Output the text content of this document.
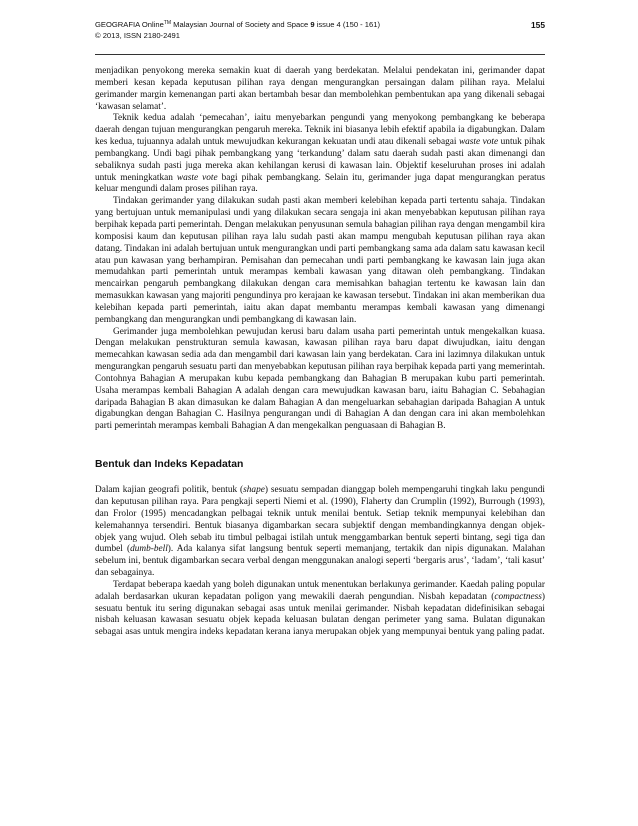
GEOGRAFIA Online™ Malaysian Journal of Society and Space 9 issue 4 (150 - 161)
© 2013, ISSN 2180-2491
155

menjadikan penyokong mereka semakin kuat di daerah yang berdekatan. Melalui pendekatan ini, gerimander dapat memberi kesan kepada keputusan pilihan raya dengan mengurangkan persaingan dalam pilihan raya. Melalui gerimander margin kemenangan parti akan bertambah besar dan membolehkan pembentukan apa yang dikenali sebagai ‘kawasan selamat’.

Teknik kedua adalah ‘pemecahan’, iaitu menyebarkan pengundi yang menyokong pembangkang ke beberapa daerah dengan tujuan mengurangkan pengaruh mereka. Teknik ini biasanya lebih efektif apabila ia digabungkan. Dalam kes kedua, tujuannya adalah untuk mewujudkan kekurangan kekuatan undi atau dikenali sebagai waste vote untuk pihak pembangkang. Undi bagi pihak pembangkang yang ‘terkandung’ dalam satu daerah sudah pasti akan dimenangi dan sebaliknya sudah pasti juga mereka akan kehilangan kerusi di kawasan lain. Objektif keseluruhan proses ini adalah untuk meningkatkan waste vote bagi pihak pembangkang. Selain itu, gerimander juga dapat mengurangkan peratus keluar mengundi dalam proses pilihan raya.

Tindakan gerimander yang dilakukan sudah pasti akan memberi kelebihan kepada parti tertentu sahaja. Tindakan yang bertujuan untuk memanipulasi undi yang dilakukan secara sengaja ini akan menyebabkan keputusan pilihan raya berpihak kepada parti pemerintah. Dengan melakukan penyusunan semula bahagian pilihan raya dengan mengambil kira komposisi kaum dan keputusan pilihan raya lalu sudah pasti akan mampu mengubah keputusan pilihan raya akan datang. Tindakan ini adalah bertujuan untuk mengurangkan undi parti pembangkang sama ada dalam satu kawasan kecil atau pun kawasan yang berhampiran. Pemisahan dan pemecahan undi parti pembangkang ke kawasan lain juga akan memudahkan parti pemerintah untuk merampas kembali kawasan yang ditawan oleh pembangkang. Tindakan mencairkan pengaruh pembangkang dilakukan dengan cara memisahkan bahagian tertentu ke kawasan lain dan memasukkan kawasan yang majoriti pengundinya pro kerajaan ke kawasan tersebut. Tindakan ini akan memberikan dua kelebihan kepada parti pemerintah, iaitu akan dapat membantu merampas kembali kawasan yang dimenangi pembangkang dan mengurangkan undi pembangkang di kawasan lain.

Gerimander juga membolehkan pewujudan kerusi baru dalam usaha parti pemerintah untuk mengekalkan kuasa. Dengan melakukan penstrukturan semula kawasan, kawasan pilihan raya baru dapat diwujudkan, iaitu dengan memecahkan kawasan sedia ada dan mengambil dari kawasan lain yang berdekatan. Cara ini lazimnya dilakukan untuk mengurangkan pengaruh sesuatu parti dan menyebabkan keputusan pilihan raya berpihak kepada parti yang memerintah. Contohnya Bahagian A merupakan kubu kepada pembangkang dan Bahagian B merupakan kubu parti pemerintah. Usaha merampas kembali Bahagian A adalah dengan cara mewujudkan kawasan baru, iaitu Bahagian C. Sebahagian daripada Bahagian B akan dimasukan ke dalam Bahagian A dan mengeluarkan sebahagian daripada Bahagian A untuk digabungkan dengan Bahagian C. Hasilnya pengurangan undi di Bahagian A dan dengan cara ini akan membolehkan parti pemerintah merampas kembali Bahagian A dan mengekalkan penguasaan di Bahagian B.

Bentuk dan Indeks Kepadatan

Dalam kajian geografi politik, bentuk (shape) sesuatu sempadan dianggap boleh mempengaruhi tingkah laku pengundi dan keputusan pilihan raya. Para pengkaji seperti Niemi et al. (1990), Flaherty dan Crumplin (1992), Burrough (1993), dan Frolor (1995) mencadangkan pelbagai teknik untuk menilai bentuk. Setiap teknik mempunyai kelebihan dan kelemahannya tersendiri. Bentuk biasanya digambarkan secara subjektif dengan membandingkannya dengan objek-objek yang wujud. Oleh sebab itu timbul pelbagai istilah untuk menggambarkan bentuk seperti bintang, segi tiga dan dumbel (dumb-bell). Ada kalanya sifat langsung bentuk seperti memanjang, tertakik dan nipis digunakan. Malahan sebelum ini, bentuk digambarkan secara verbal dengan menggunakan analogi seperti ‘bergaris arus’, ‘ladam’, ‘tali kasut’ dan sebagainya.

Terdapat beberapa kaedah yang boleh digunakan untuk menentukan berlakunya gerimander. Kaedah paling popular adalah berdasarkan ukuran kepadatan poligon yang mewakili daerah pengundian. Nisbah kepadatan (compactness) sesuatu bentuk itu sering digunakan sebagai asas untuk menilai gerimander. Nisbah kepadatan didefinisikan sebagai nisbah keluasan kawasan sesuatu objek kepada keluasan bulatan dengan perimeter yang sama. Bulatan digunakan sebagai asas untuk mengira indeks kepadatan kerana ianya merupakan objek yang mempunyai bentuk yang paling padat.
